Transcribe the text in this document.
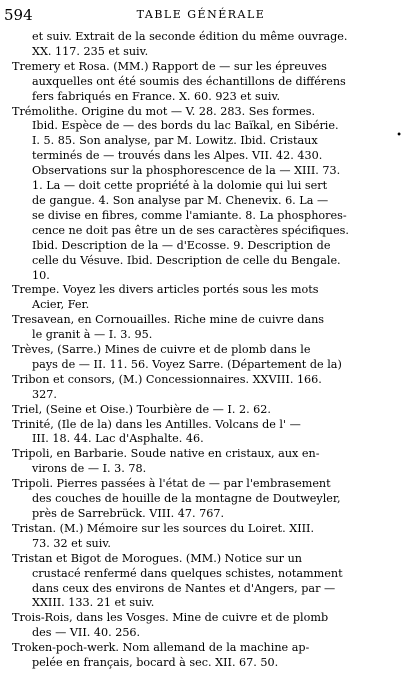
594	TABLE GÉNÉRALE
•
et suiv. Extrait de la seconde édition du même ouvrage.
XX. 117. 235 et suiv.
Tremery et Rosa. (MM.) Rapport de — sur les épreuves
auxquelles ont été soumis des échantillons de différens
fers fabriqués en France. X. 60. 923 et suiv.
Trémolithe. Origine du mot — V. 28. 283. Ses formes.
Ibid. Espèce de — des bords du lac Baïkal, en Sibérie.
I. 5. 85. Son analyse, par M. Lowitz. Ibid. Cristaux
terminés de — trouvés dans les Alpes. VII. 42. 430.
Observations sur la phosphorescence de la — XIII. 73.
1. La — doit cette propriété à la dolomie qui lui sert
de gangue. 4. Son analyse par M. Chenevix. 6. La —
se divise en fibres, comme l'amiante. 8. La phosphores-
cence ne doit pas être un de ses caractères spécifiques.
Ibid. Description de la — d'Ecosse. 9. Description de
celle du Vésuve. Ibid. Description de celle du Bengale.
10.
Trempe. Voyez les divers articles portés sous les mots
Acier, Fer.
Tresavean, en Cornouailles. Riche mine de cuivre dans
le granit à — I. 3. 95.
Trèves, (Sarre.) Mines de cuivre et de plomb dans le
pays de — II. 11. 56. Voyez Sarre. (Département de la)
Tribon et consors, (M.) Concessionnaires. XXVIII. 166.
327.
Triel, (Seine et Oise.) Tourbière de — I. 2. 62.
Trinité, (Ile de la) dans les Antilles. Volcans de l' —
III. 18. 44. Lac d'Asphalte. 46.
Tripoli, en Barbarie. Soude native en cristaux, aux en-
virons de — I. 3. 78.
Tripoli. Pierres passées à l'état de — par l'embrasement
des couches de houille de la montagne de Doutweyler,
près de Sarrebrück. VIII. 47. 767.
Tristan. (M.) Mémoire sur les sources du Loiret. XIII.
73. 32 et suiv.
Tristan et Bigot de Morogues. (MM.) Notice sur un
crustacé renfermé dans quelques schistes, notamment
dans ceux des environs de Nantes et d'Angers, par —
XXIII. 133. 21 et suiv.
Trois-Rois, dans les Vosges. Mine de cuivre et de plomb
des — VII. 40. 256.
Troken-poch-werk. Nom allemand de la machine ap-
pelée en français, bocard à sec. XII. 67. 50.
